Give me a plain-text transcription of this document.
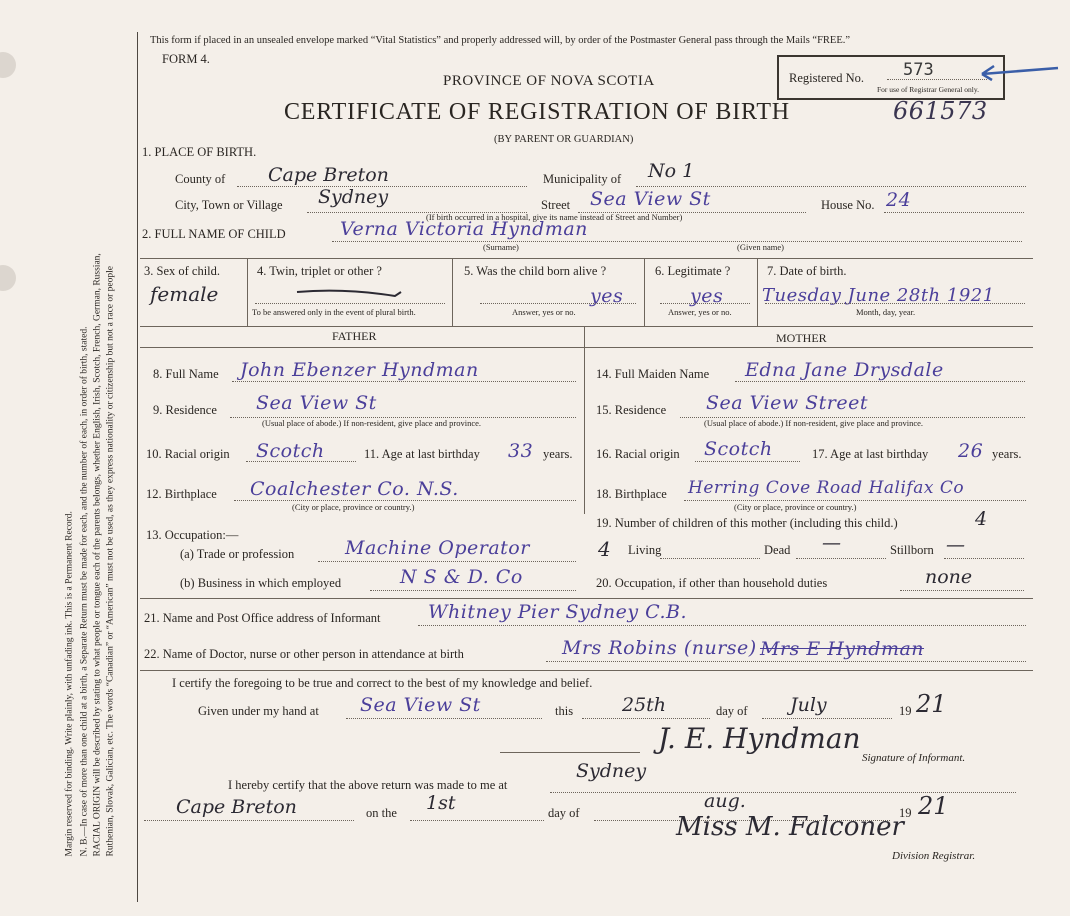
Margin reserved for binding. Write plainly, with unfading ink. This is a Permanent Record. N. B.—In case of more than one child at a birth, a Separate Return must be made for each, and the number of each, in order of birth, stated. RACIAL ORIGIN will be described by stating to what people or tongue each of the parents belongs, whether English, Irish, Scotch, French, German, Russian, Ruthenian, Slovak, Galician, etc. The words “Canadian” or “American” must not be used, as they express nationality or citizenship but not a race or people
This form if placed in an unsealed envelope marked “Vital Statistics” and properly addressed will, by order of the Postmaster General pass through the Mails “FREE.”
FORM 4.
PROVINCE OF NOVA SCOTIA
CERTIFICATE OF REGISTRATION OF BIRTH	661573
(BY PARENT OR GUARDIAN)
Registered No. 573
For use of Registrar General only.
1. PLACE OF BIRTH.
County of Cape Breton	Municipality of No 1
City, Town or Village Sydney	Street Sea View St
(If birth occurred in a hospital, give its name instead of Street and Number)
House No. 24
2. FULL NAME OF CHILD	Verna Victoria Hyndman
(Surname)	(Given name)
3. Sex of child.
female
4. Twin, triplet or other ?
To be answered only in the event of plural birth.
5. Was the child born alive ?
yes
Answer, yes or no.
6. Legitimate ?
yes
Answer, yes or no.
7. Date of birth.
Tuesday June 28th 1921
Month, day, year.
FATHER	MOTHER
8. Full Name John Ebenzer Hyndman
9. Residence Sea View St
(Usual place of abode.) If non-resident, give place and province.
10. Racial origin Scotch	11. Age at last birthday 33 years.
12. Birthplace Coalchester Co. N.S.
(City or place, province or country.)
13. Occupation:—
(a) Trade or profession	Machine Operator
(b) Business in which employed	N S & D. Co
14. Full Maiden Name Edna Jane Drysdale
15. Residence Sea View Street
(Usual place of abode.) If non-resident, give place and province.
16. Racial origin Scotch	17. Age at last birthday 26 years.
18. Birthplace Herring Cove Road Halifax Co
(City or place, province or country.)
19. Number of children of this mother (including this child.)	4
4 Living	Dead —	Stillborn —
20. Occupation, if other than household duties	none
21. Name and Post Office address of Informant Whitney Pier Sydney C.B.
22. Name of Doctor, nurse or other person in attendance at birth	Mrs Robins (nurse) Mrs E Hyndman
I certify the foregoing to be true and correct to the best of my knowledge and belief.
Given under my hand at Sea View St	this	25th	day of July	19 21
J. E. Hyndman
Signature of Informant.
I hereby certify that the above return was made to me at
Sydney
Cape Breton	on the 1st	day of
aug.
19 21
Miss M. Falconer
Division Registrar.
